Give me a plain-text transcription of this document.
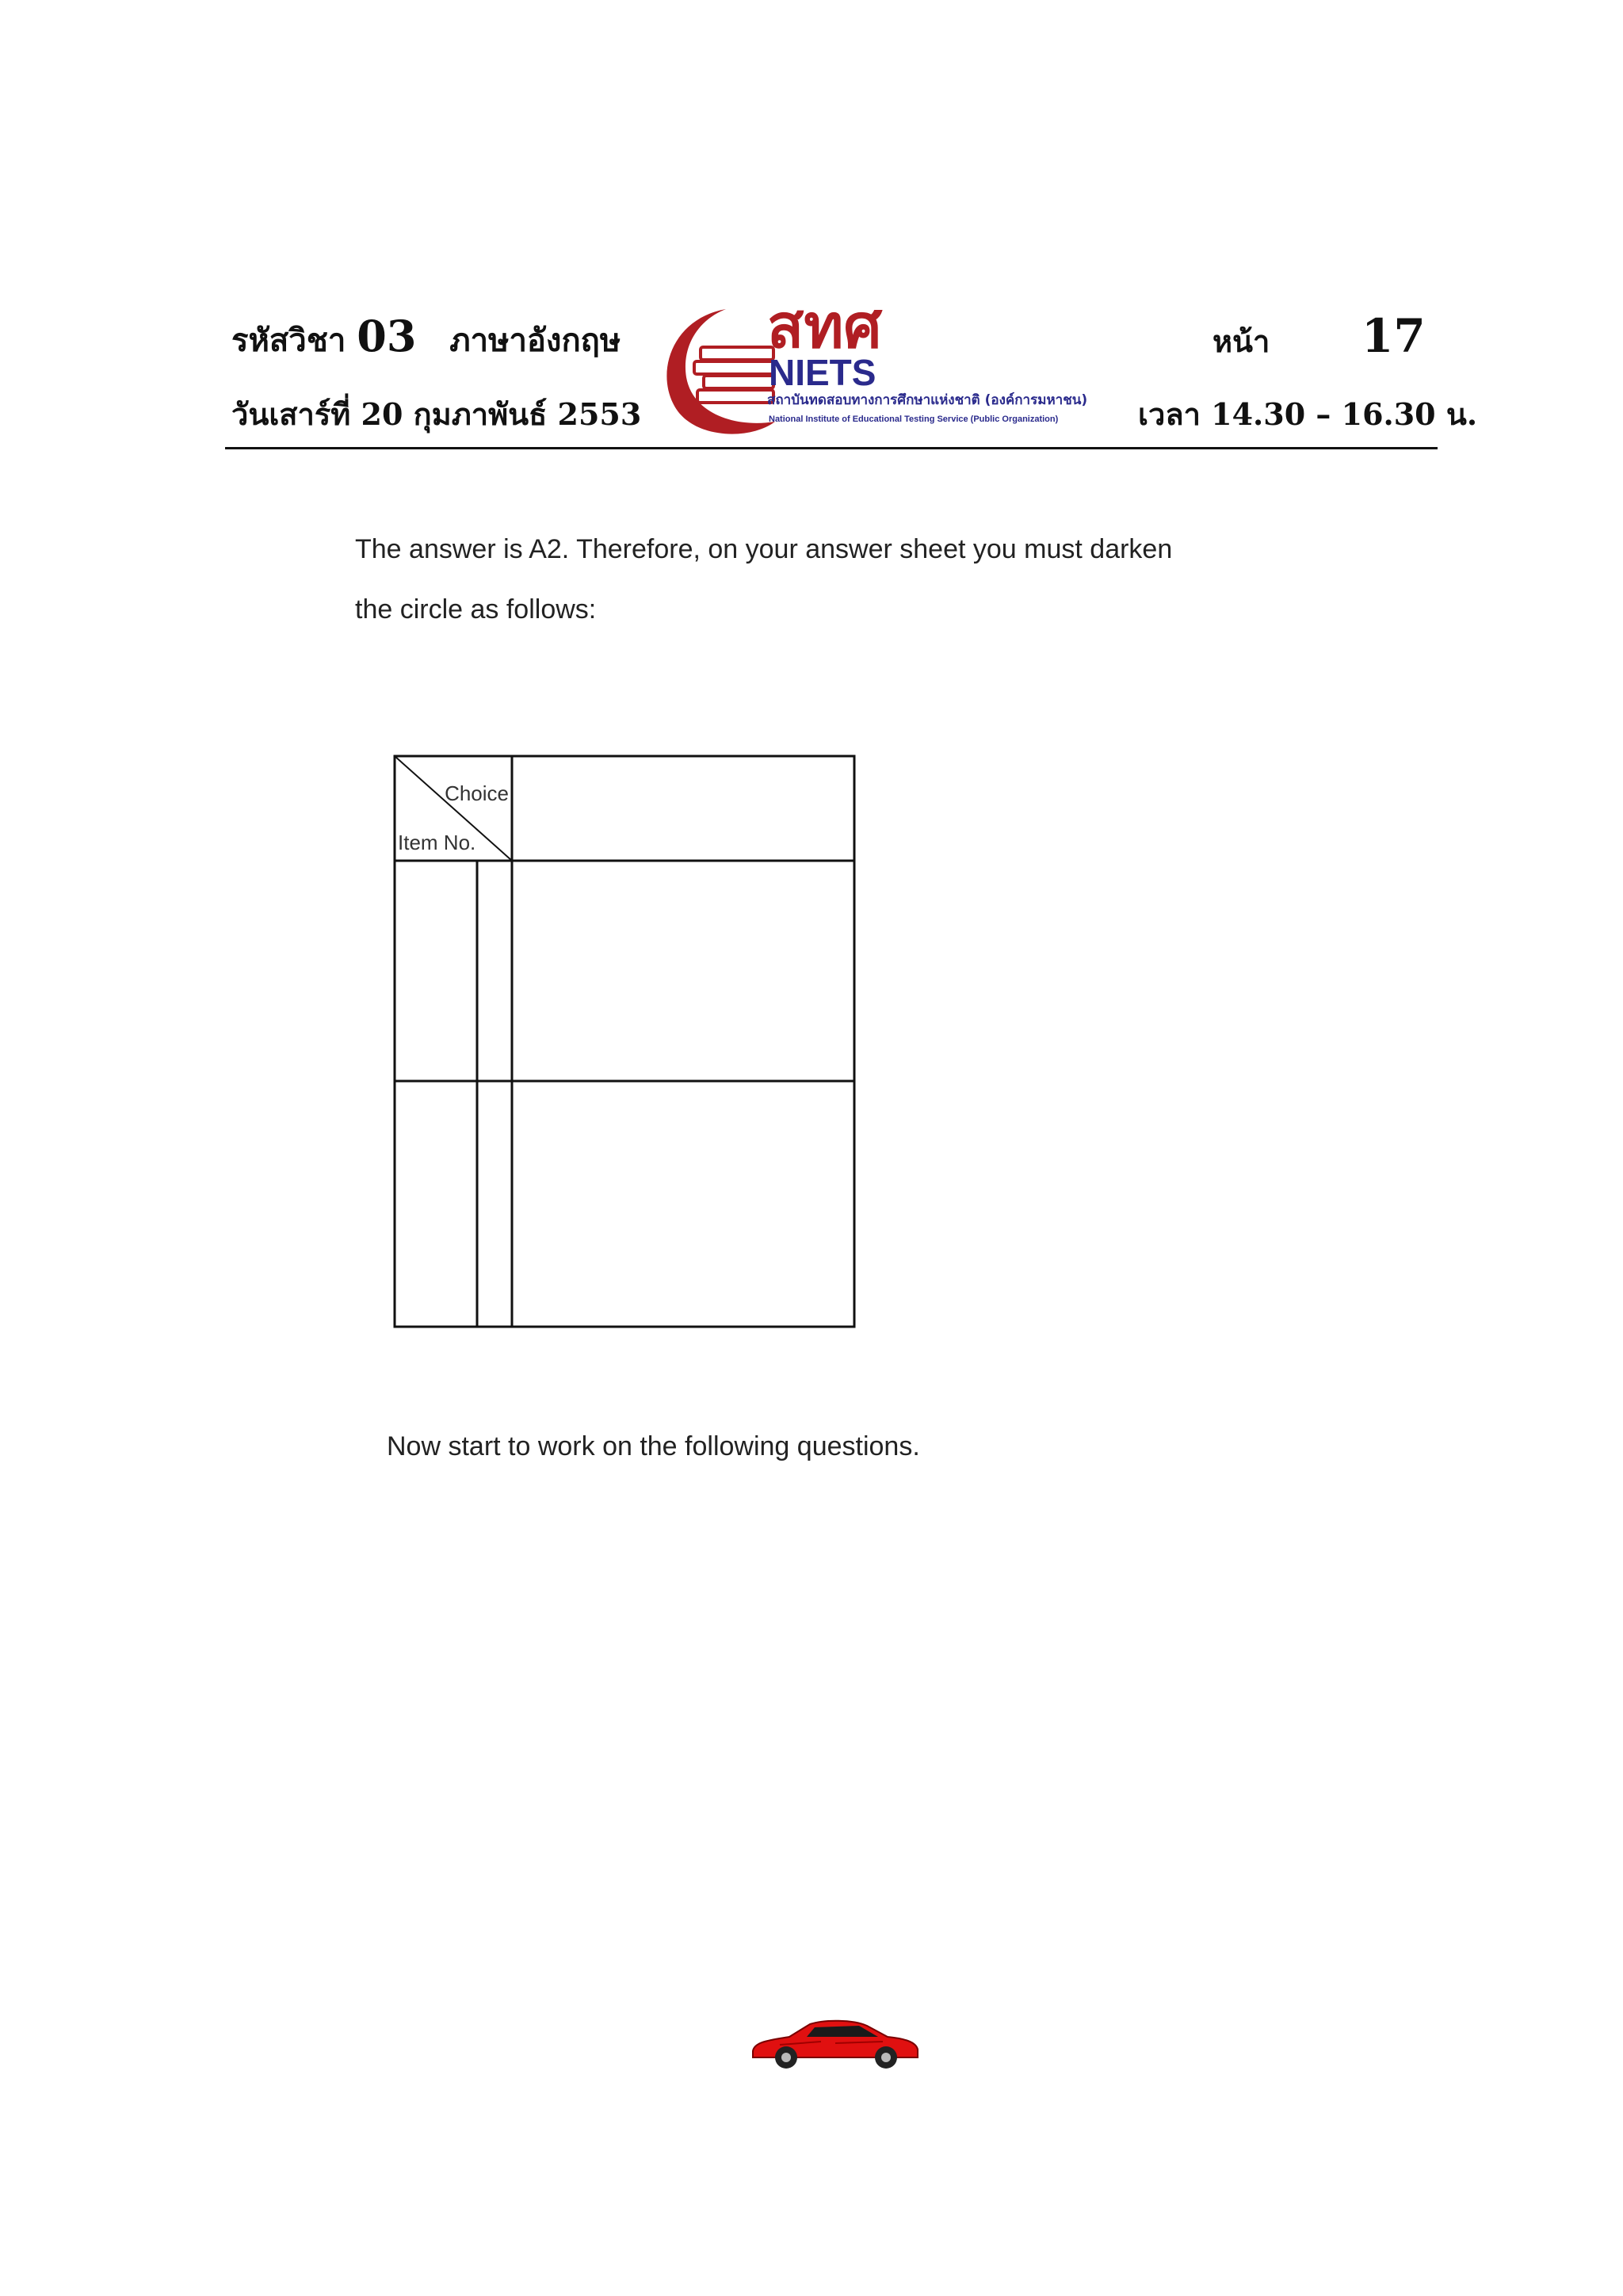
รหัสวิชา 03 ภาษาอังกฤษ	หน้า 17
วันเสาร์ที่ 20 กุมภาพันธ์ 2553	เวลา 14.30 – 16.30 น.
สทศ
NIETS
สถาบันทดสอบทางการศึกษาแห่งชาติ (องค์การมหาชน)
National Institute of Educational Testing Service (Public Organization)
The answer is A2. Therefore, on your answer sheet you must darken
the circle as follows:
Choice
Item No.
Now start to work on the following questions.
